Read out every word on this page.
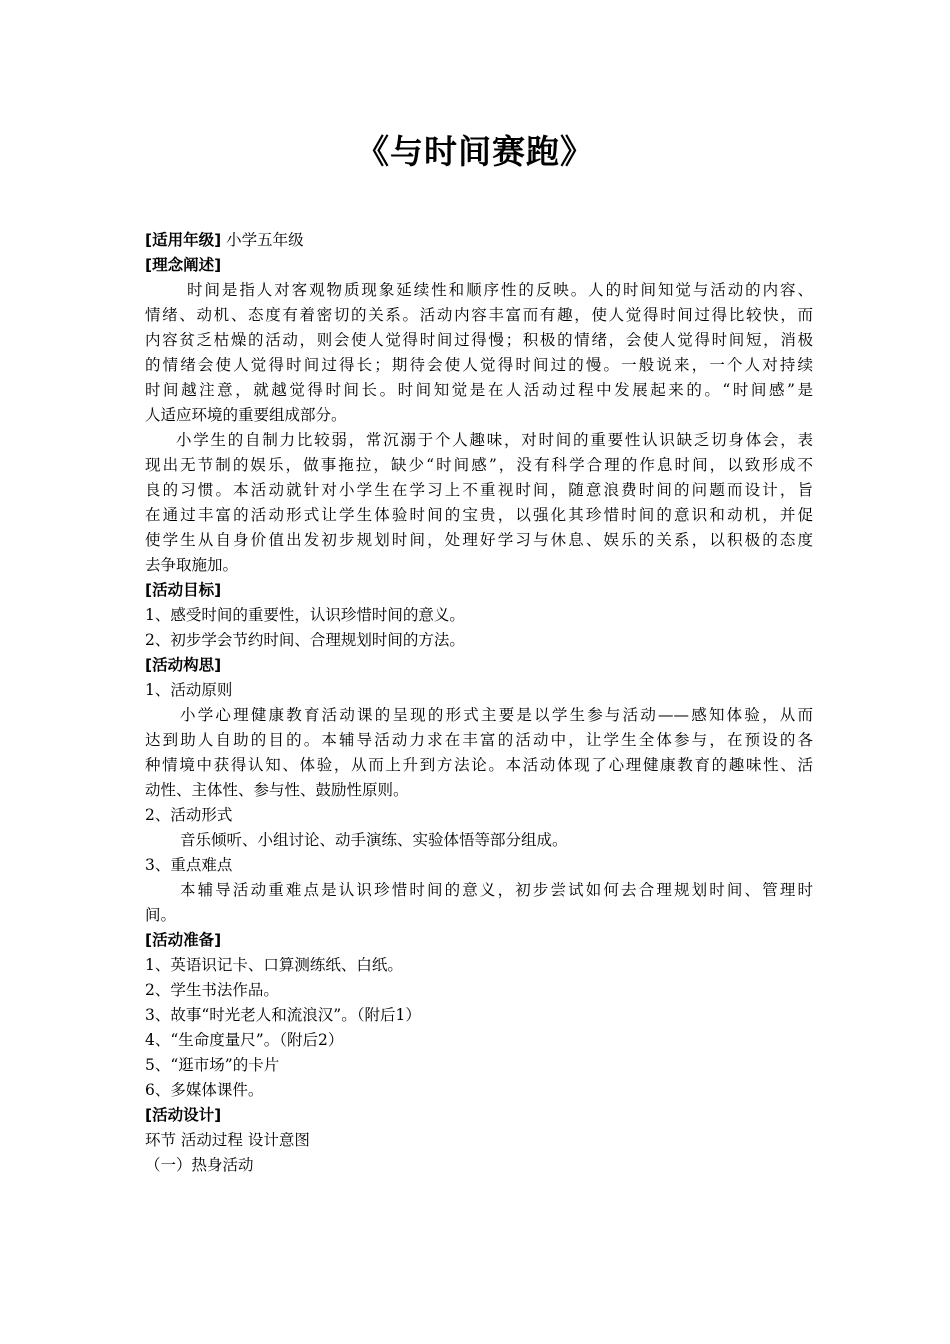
《与时间赛跑》
[适用年级] 小学五年级
[理念阐述]
时间是指人对客观物质现象延续性和顺序性的反映。人的时间知觉与活动的内容、
情绪、动机、态度有着密切的关系。活动内容丰富而有趣，使人觉得时间过得比较快，而
内容贫乏枯燥的活动，则会使人觉得时间过得慢；积极的情绪，会使人觉得时间短，消极
的情绪会使人觉得时间过得长；期待会使人觉得时间过的慢。一般说来，一个人对持续
时间越注意，就越觉得时间长。时间知觉是在人活动过程中发展起来的。“时间感”是
人适应环境的重要组成部分。
小学生的自制力比较弱，常沉溺于个人趣味，对时间的重要性认识缺乏切身体会，表
现出无节制的娱乐，做事拖拉，缺少“时间感”，没有科学合理的作息时间，以致形成不
良的习惯。本活动就针对小学生在学习上不重视时间，随意浪费时间的问题而设计，旨
在通过丰富的活动形式让学生体验时间的宝贵，以强化其珍惜时间的意识和动机，并促
使学生从自身价值出发初步规划时间，处理好学习与休息、娱乐的关系，以积极的态度
去争取施加。
[活动目标]
1、感受时间的重要性，认识珍惜时间的意义。
2、初步学会节约时间、合理规划时间的方法。
[活动构思]
1、活动原则
小学心理健康教育活动课的呈现的形式主要是以学生参与活动——感知体验，从而
达到助人自助的目的。本辅导活动力求在丰富的活动中，让学生全体参与，在预设的各
种情境中获得认知、体验，从而上升到方法论。本活动体现了心理健康教育的趣味性、活
动性、主体性、参与性、鼓励性原则。
2、活动形式
音乐倾听、小组讨论、动手演练、实验体悟等部分组成。
3、重点难点
本辅导活动重难点是认识珍惜时间的意义，初步尝试如何去合理规划时间、管理时
间。
[活动准备]
1、英语识记卡、口算测练纸、白纸。
2、学生书法作品。
3、故事“时光老人和流浪汉”。（附后1）
4、“生命度量尺”。（附后2）
5、“逛市场”的卡片
6、多媒体课件。
[活动设计]
环节 活动过程 设计意图
（一）热身活动
